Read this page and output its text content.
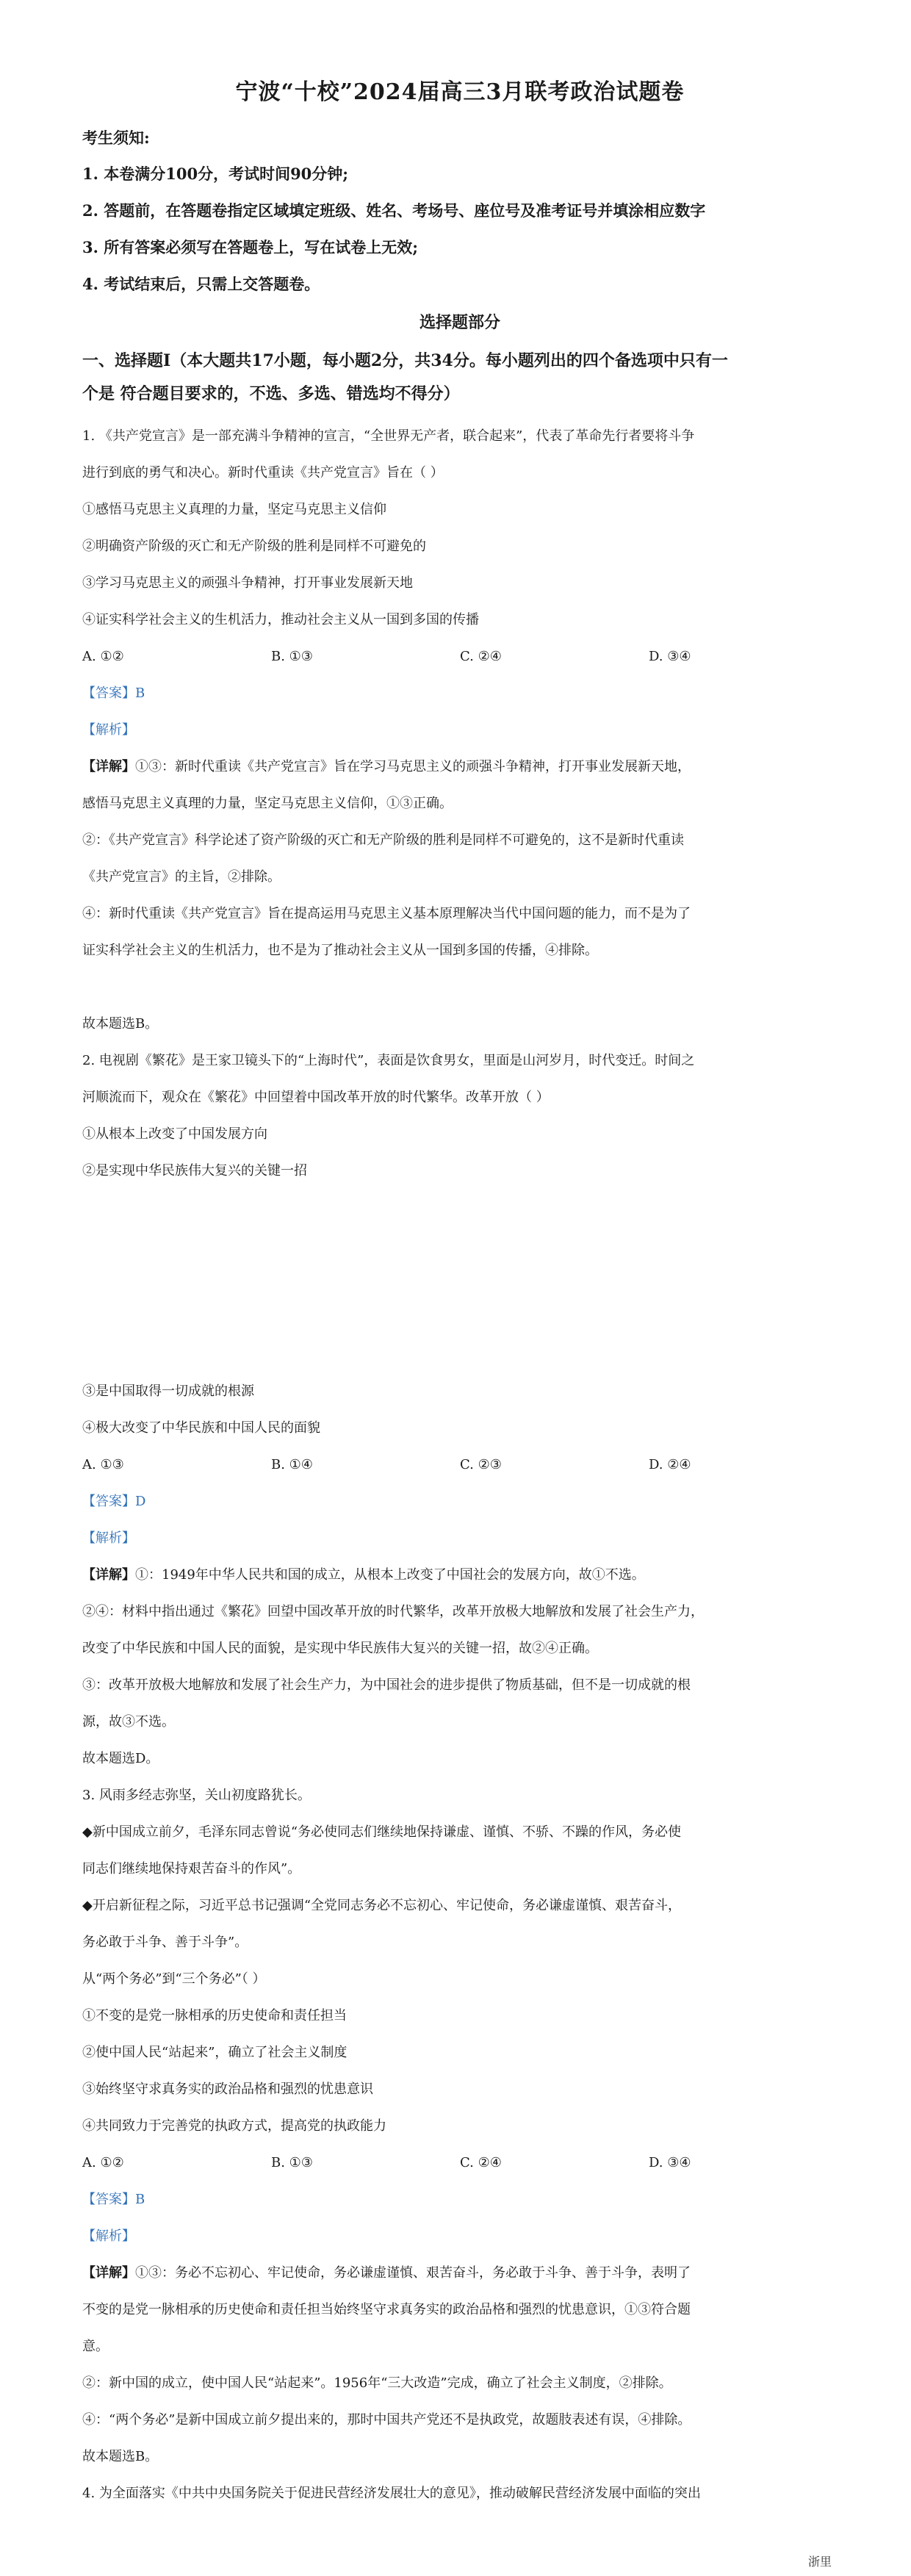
宁波“十校”2024届高三3月联考政治试题卷
考生须知:
1. 本卷满分100分，考试时间90分钟;
2. 答题前，在答题卷指定区域填定班级、姓名、考场号、座位号及准考证号并填涂相应数字
3. 所有答案必须写在答题卷上，写在试卷上无效;
4. 考试结束后，只需上交答题卷。
选择题部分
一、选择题Ⅰ（本大题共17小题，每小题2分，共34分。每小题列出的四个备选项中只有一
个是 符合题目要求的，不选、多选、错选均不得分）

1. 《共产党宣言》是一部充满斗争精神的宣言，“全世界无产者，联合起来”，代表了革命先行者要将斗争

进行到底的勇气和决心。新时代重读《共产党宣言》旨在（ ）

①感悟马克思主义真理的力量，坚定马克思主义信仰

②明确资产阶级的灭亡和无产阶级的胜利是同样不可避免的

③学习马克思主义的顽强斗争精神，打开事业发展新天地

④证实科学社会主义的生机活力，推动社会主义从一国到多国的传播

A. ①②	B. ①③	C. ②④	D. ③④
【答案】B
【解析】

【详解】①③：新时代重读《共产党宣言》旨在学习马克思主义的顽强斗争精神，打开事业发展新天地，

感悟马克思主义真理的力量，坚定马克思主义信仰，①③正确。

②：《共产党宣言》科学论述了资产阶级的灭亡和无产阶级的胜利是同样不可避免的，这不是新时代重读

《共产党宣言》的主旨，②排除。

④：新时代重读《共产党宣言》旨在提高运用马克思主义基本原理解决当代中国问题的能力，而不是为了

证实科学社会主义的生机活力，也不是为了推动社会主义从一国到多国的传播，④排除。

故本题选B。

2. 电视剧《繁花》是王家卫镜头下的“上海时代”，表面是饮食男女，里面是山河岁月，时代变迁。时间之

河顺流而下，观众在《繁花》中回望着中国改革开放的时代繁华。改革开放（ ）

①从根本上改变了中国发展方向

②是实现中华民族伟大复兴的关键一招

③是中国取得一切成就的根源

④极大改变了中华民族和中国人民的面貌

A. ①③	B. ①④	C. ②③	D. ②④
【答案】D
【解析】

【详解】①：1949年中华人民共和国的成立，从根本上改变了中国社会的发展方向，故①不选。

②④：材料中指出通过《繁花》回望中国改革开放的时代繁华，改革开放极大地解放和发展了社会生产力，

改变了中华民族和中国人民的面貌，是实现中华民族伟大复兴的关键一招，故②④正确。

③：改革开放极大地解放和发展了社会生产力，为中国社会的进步提供了物质基础，但不是一切成就的根

源，故③不选。

故本题选D。

3. 风雨多经志弥坚，关山初度路犹长。

◆新中国成立前夕，毛泽东同志曾说“务必使同志们继续地保持谦虚、谨慎、不骄、不躁的作风，务必使

同志们继续地保持艰苦奋斗的作风”。

◆开启新征程之际，习近平总书记强调“全党同志务必不忘初心、牢记使命，务必谦虚谨慎、艰苦奋斗，

务必敢于斗争、善于斗争”。

从“两个务必”到“三个务必”（ ）

①不变的是党一脉相承的历史使命和责任担当

②使中国人民“站起来”，确立了社会主义制度

③始终坚守求真务实的政治品格和强烈的忧患意识

④共同致力于完善党的执政方式，提高党的执政能力

A. ①②	B. ①③	C. ②④	D. ③④
【答案】B
【解析】

【详解】①③：务必不忘初心、牢记使命，务必谦虚谨慎、艰苦奋斗，务必敢于斗争、善于斗争，表明了

不变的是党一脉相承的历史使命和责任担当始终坚守求真务实的政治品格和强烈的忧患意识，①③符合题

意。

②：新中国的成立，使中国人民“站起来”。1956年“三大改造”完成，确立了社会主义制度，②排除。

④：“两个务必”是新中国成立前夕提出来的，那时中国共产党还不是执政党，故题肢表述有误，④排除。

故本题选B。

4. 为全面落实《中共中央国务院关于促进民营经济发展壮大的意见》，推动破解民营经济发展中面临的突出

浙里
